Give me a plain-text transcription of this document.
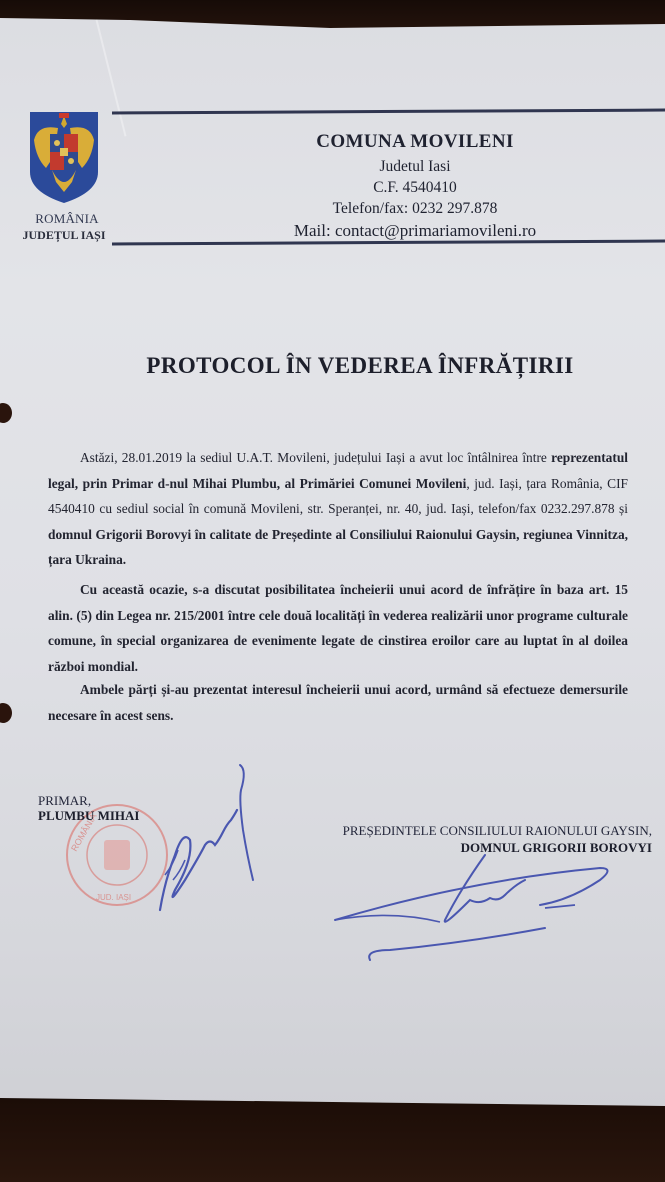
ROMÂNIA
JUDEȚUL IAȘI
COMUNA MOVILENI
Judetul Iasi
C.F. 4540410
Telefon/fax: 0232 297.878
Mail: contact@primariamovileni.ro
PROTOCOL ÎN VEDEREA ÎNFRĂȚIRII
Astăzi, 28.01.2019 la sediul U.A.T. Movileni, județului Iași a avut loc întâlnirea între reprezentatul legal, prin Primar d-nul Mihai Plumbu, al Primăriei Comunei Movileni, jud. Iași, țara România, CIF 4540410 cu sediul social în comună Movileni, str. Speranței, nr. 40, jud. Iași, telefon/fax 0232.297.878 și domnul Grigorii Borovyi în calitate de Președinte al Consiliului Raionului Gaysin, regiunea Vinnitza, țara Ukraina.
Cu această ocazie, s-a discutat posibilitatea încheierii unui acord de înfrățire în baza art. 15 alin. (5) din Legea nr. 215/2001 între cele două localități în vederea realizării unor programe culturale comune, în special organizarea de evenimente legate de cinstirea eroilor care au luptat în al doilea război mondial.
Ambele părți și-au prezentat interesul încheierii unui acord, urmând să efectueze demersurile necesare în acest sens.
ROMÂNIA
JUD. IAȘI
PRIMAR,
PLUMBU MIHAI
PREȘEDINTELE CONSILIULUI RAIONULUI GAYSIN,
DOMNUL GRIGORII BOROVYI
